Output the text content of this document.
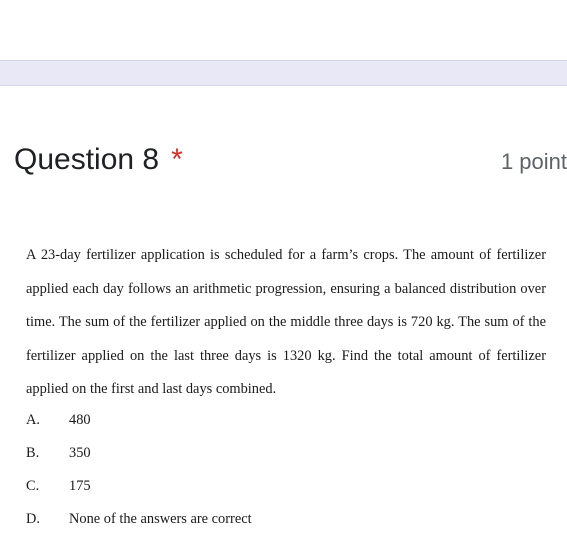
Question 8 *	1 point

A 23-day fertilizer application is scheduled for a farm’s crops. The amount of fertilizer applied each day follows an arithmetic progression, ensuring a balanced distribution over time. The sum of the fertilizer applied on the middle three days is 720 kg. The sum of the fertilizer applied on the last three days is 1320 kg. Find the total amount of fertilizer applied on the first and last days combined.

A. 480
B. 350
C. 175
D. None of the answers are correct
